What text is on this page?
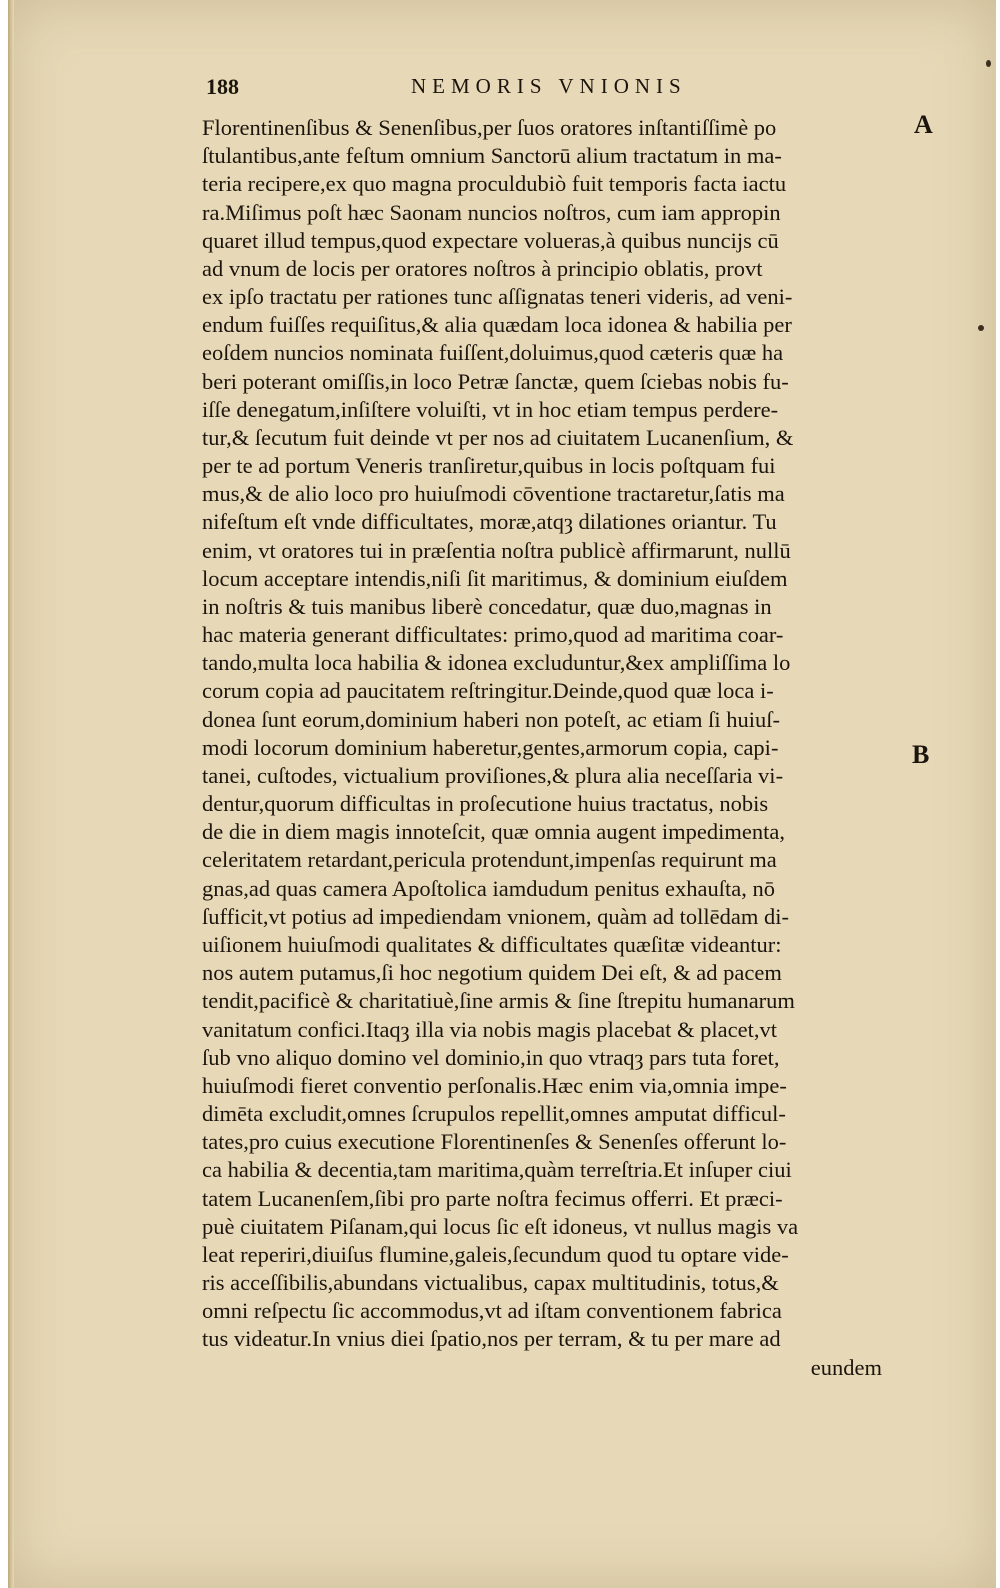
188	NEMORIS VNIONIS
Florentinenſibus & Senenſibus,per ſuos oratores inſtantiſſimè po
ſtulantibus,ante feſtum omnium Sanctorū alium tractatum in ma-
teria recipere,ex quo magna proculdubiò fuit temporis facta iactu
ra.Miſimus poſt hæc Saonam nuncios noſtros, cum iam appropin
quaret illud tempus,quod expectare volueras,à quibus nunciјs cū
ad vnum de locis per oratores noſtros à principio oblatis, provt
ex ipſo tractatu per rationes tunc aſſignatas teneri videris, ad veni-
endum fuiſſes requiſitus,& alia quædam loca idonea & habilia per
eoſdem nuncios nominata fuiſſent,doluimus,quod cæteris quæ ha
beri poterant omiſſis,in loco Petræ ſanctæ, quem ſciebas nobis fu-
iſſe denegatum,inſiſtere voluiſti, vt in hoc etiam tempus perdere-
tur,& ſecutum fuit deinde vt per nos ad ciuitatem Lucanenſium, &
per te ad portum Veneris tranſiretur,quibus in locis poſtquam fui
mus,& de alio loco pro huiuſmodi cōventione tractaretur,ſatis ma
nifeſtum eſt vnde difficultates, moræ,atqȝ dilationes oriantur. Tu
enim, vt oratores tui in præſentia noſtra publicè affirmarunt, nullū
locum acceptare intendis,niſi ſit maritimus, & dominium eiuſdem
in noſtris & tuis manibus liberè concedatur, quæ duo,magnas in
hac materia generant difficultates: primo,quod ad maritima coar-
tando,multa loca habilia & idonea excluduntur,&ex ampliſſima lo
corum copia ad paucitatem reſtringitur.Deinde,quod quæ loca i-
donea ſunt eorum,dominium haberi non poteſt, ac etiam ſi huiuſ-
modi locorum dominium haberetur,gentes,armorum copia, capi-
tanei, cuſtodes, victualium proviſiones,& plura alia neceſſaria vi-
dentur,quorum difficultas in proſecutione huius tractatus, nobis
de die in diem magis innoteſcit, quæ omnia augent impedimenta,
celeritatem retardant,pericula protendunt,impenſas requirunt ma
gnas,ad quas camera Apoſtolica iamdudum penitus exhauſta, nō
ſufficit,vt potius ad impediendam vnionem, quàm ad tollēdam di-
uiſionem huiuſmodi qualitates & difficultates quæſitæ videantur:
nos autem putamus,ſi hoc negotium quidem Dei eſt, & ad pacem
tendit,pacificè & charitatiuè,ſine armis & ſine ſtrepitu humanarum
vanitatum confici.Itaqȝ illa via nobis magis placebat & placet,vt
ſub vno aliquo domino vel dominio,in quo vtraqȝ pars tuta foret,
huiuſmodi fieret conventio perſonalis.Hæc enim via,omnia impe-
dimēta excludit,omnes ſcrupulos repellit,omnes amputat difficul-
tates,pro cuius executione Florentinenſes & Senenſes offerunt lo-
ca habilia & decentia,tam maritima,quàm terreſtria.Et inſuper ciui
tatem Lucanenſem,ſibi pro parte noſtra fecimus offerri. Et præci-
puè ciuitatem Piſanam,qui locus ſic eſt idoneus, vt nullus magis va
leat reperiri,diuiſus flumine,galeis,ſecundum quod tu optare vide-
ris acceſſibilis,abundans victualibus, capax multitudinis, totus,&
omni reſpectu ſic accommodus,vt ad iſtam conventionem fabrica
tus videatur.In vnius diei ſpatio,nos per terram, & tu per mare ad
eundem
A
B
